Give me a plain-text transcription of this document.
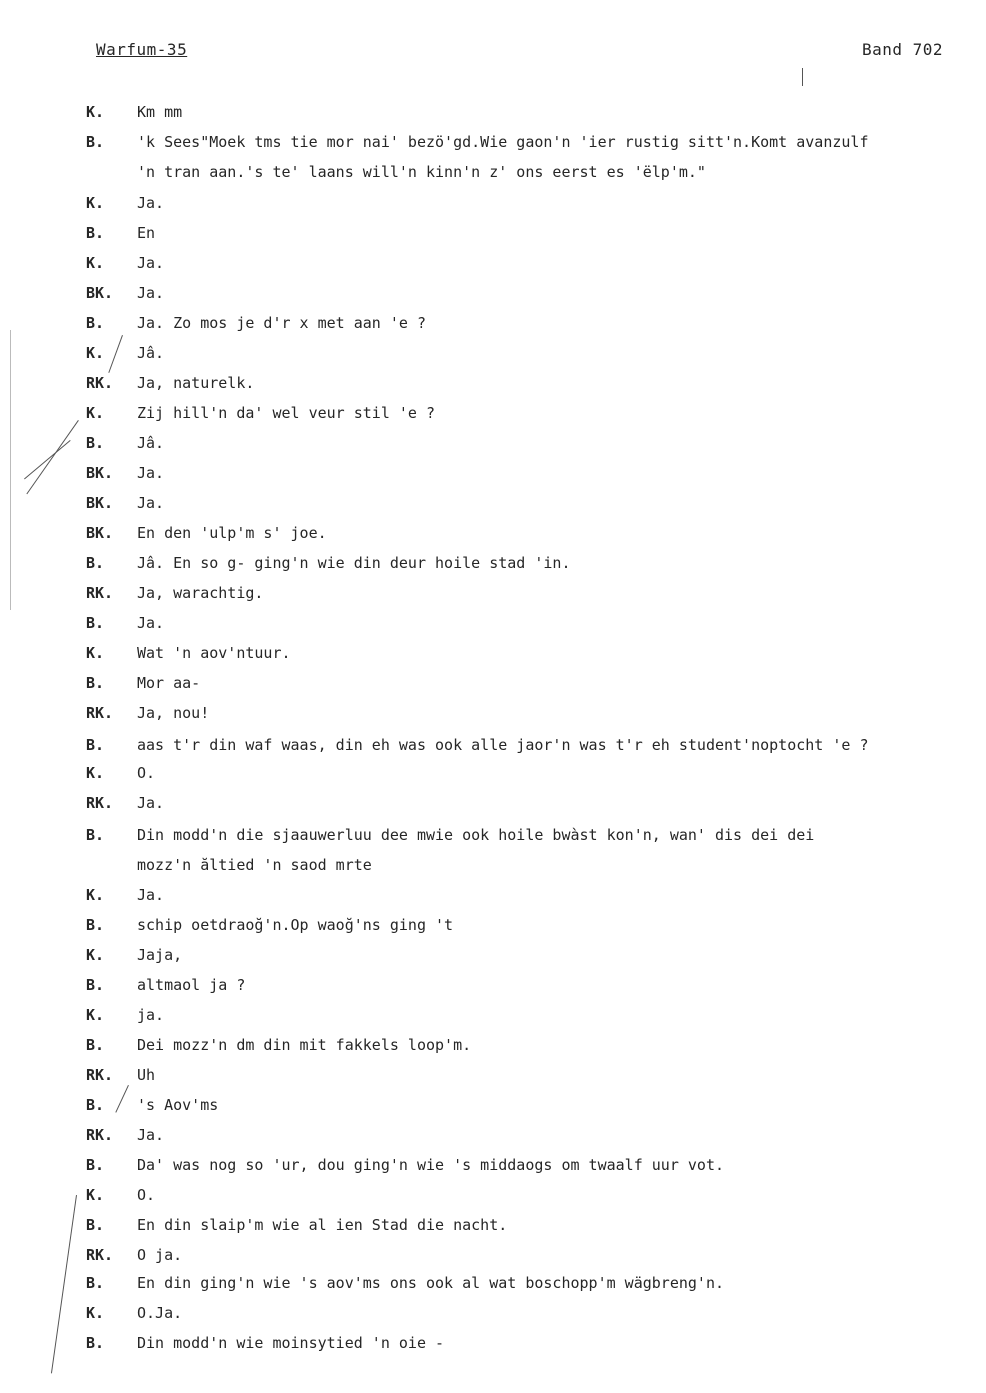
Warfum-35	Band 702
K.	Km mm
B.	'k Sees"Moek tms tie mor nai' bezö'gd.Wie gaon'n 'ier rustig sitt'n.Komt avanzulf
'n tran aan.'s te' laans will'n kinn'n z' ons eerst es 'ëlp'm."
K.	Ja.
B.	En
K.	Ja.
BK.	Ja.
B.	Ja. Zo mos je d'r x met aan 'e ?
K.	Jâ.
RK.	Ja, naturelk.
K.	Zij hill'n da' wel veur stil 'e ?
B.	Jâ.
BK.	Ja.
BK.	Ja.
BK.	En den 'ulp'm s' joe.
B.	Jâ. En so g- ging'n wie din deur hoile stad 'in.
RK.	Ja, warachtig.
B.	Ja.
K.	Wat 'n aov'ntuur.
B.	Mor aa-
RK.	Ja, nou!
B.	aas t'r din waf waas, din eh was ook alle jaor'n was t'r eh student'noptocht 'e ?
K.	O.
RK.	Ja.
B.	Din modd'n die sjaauwerluu dee mwie ook hoile bwàst kon'n, wan' dis dei dei
mozz'n ăltied 'n saod mrte
K.	Ja.
B.	schip oetdraoğ'n.Op waoğ'ns ging 't
K.	Jaja,
B.	altmaol ja ?
K.	ja.
B.	Dei mozz'n dm din mit fakkels loop'm.
RK.	Uh
B.	's Aov'ms
RK.	Ja.
B.	Da' was nog so 'ur, dou ging'n wie 's middaogs om twaalf uur vot.
K.	O.
B.	En din slaip'm wie al ien Stad die nacht.
RK.	O ja.
B.	En din ging'n wie 's aov'ms ons ook al wat boschopp'm wägbreng'n.
K.	O.Ja.
B.	Din modd'n wie moinsytied 'n oie -
